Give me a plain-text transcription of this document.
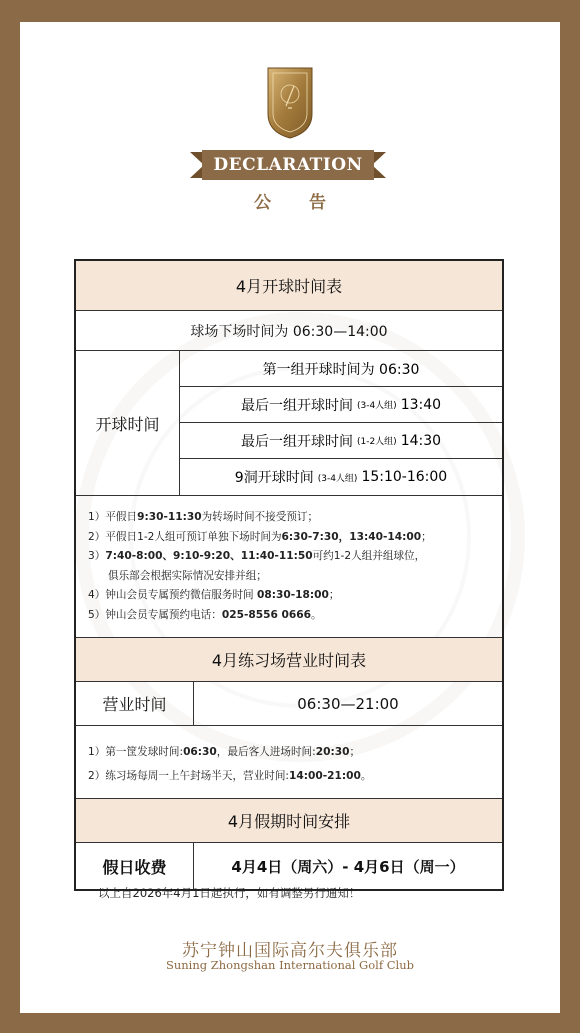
DECLARATION
公告
4月开球时间表
球场下场时间为 06:30—14:00
开球时间
第一组开球时间为 06:30
最后一组开球时间 (3-4人组) 13:40
最后一组开球时间 (1-2人组) 14:30
9洞开球时间 (3-4人组) 15:10-16:00
1）平假日9:30-11:30为转场时间不接受预订；
2）平假日1-2人组可预订单独下场时间为6:30-7:30，13:40-14:00；
3）7:40-8:00、9:10-9:20、11:40-11:50可约1-2人组并组球位，
俱乐部会根据实际情况安排并组；
4）钟山会员专属预约微信服务时间 08:30-18:00；
5）钟山会员专属预约电话：025-8556 0666。
4月练习场营业时间表
营业时间	06:30—21:00
1）第一筐发球时间:06:30，最后客人进场时间:20:30；
2）练习场每周一上午封场半天，营业时间:14:00-21:00。
4月假期时间安排
假日收费	4月4日（周六）- 4月6日（周一）
以上自2026年4月1日起执行，如有调整另行通知！
苏宁钟山国际高尔夫俱乐部
Suning Zhongshan International Golf Club
